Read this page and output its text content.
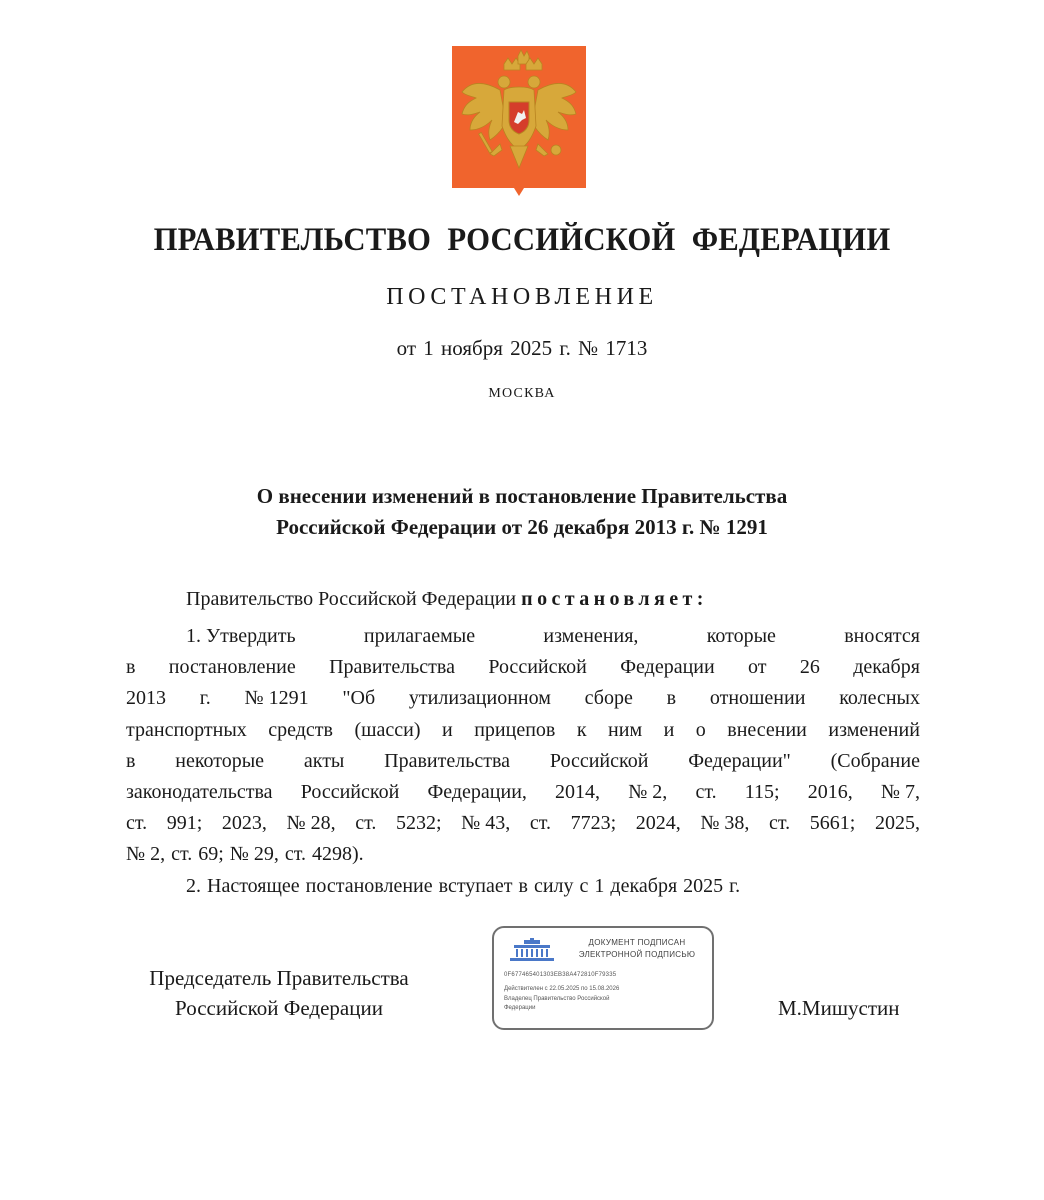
ПРАВИТЕЛЬСТВО РОССИЙСКОЙ ФЕДЕРАЦИИ
ПОСТАНОВЛЕНИЕ
от 1 ноября 2025 г. № 1713
МОСКВА
О внесении изменений в постановление Правительства
Российской Федерации от 26 декабря 2013 г. № 1291
Правительство Российской Федерации постановляет:
1. Утвердить	прилагаемые	изменения,	которые	вносятся
в постановление Правительства Российской Федерации от 26 декабря
2013 г. № 1291 "Об утилизационном сборе в отношении колесных
транспортных средств (шасси) и прицепов к ним и о внесении изменений
в некоторые акты Правительства Российской Федерации" (Собрание
законодательства Российской Федерации, 2014, № 2, ст. 115; 2016, № 7,
ст. 991; 2023, № 28, ст. 5232; № 43, ст. 7723; 2024, № 38, ст. 5661; 2025,
№ 2, ст. 69; № 29, ст. 4298).
2. Настоящее постановление вступает в силу с 1 декабря 2025 г.
Председатель Правительства
Российской Федерации	М.Мишустин
ДОКУМЕНТ ПОДПИСАН
ЭЛЕКТРОННОЙ ПОДПИСЬЮ
0F677465401303EB38A472810F79335
Действителен с 22.05.2025 по 15.08.2026
Владелец Правительство Российской
Федерации
